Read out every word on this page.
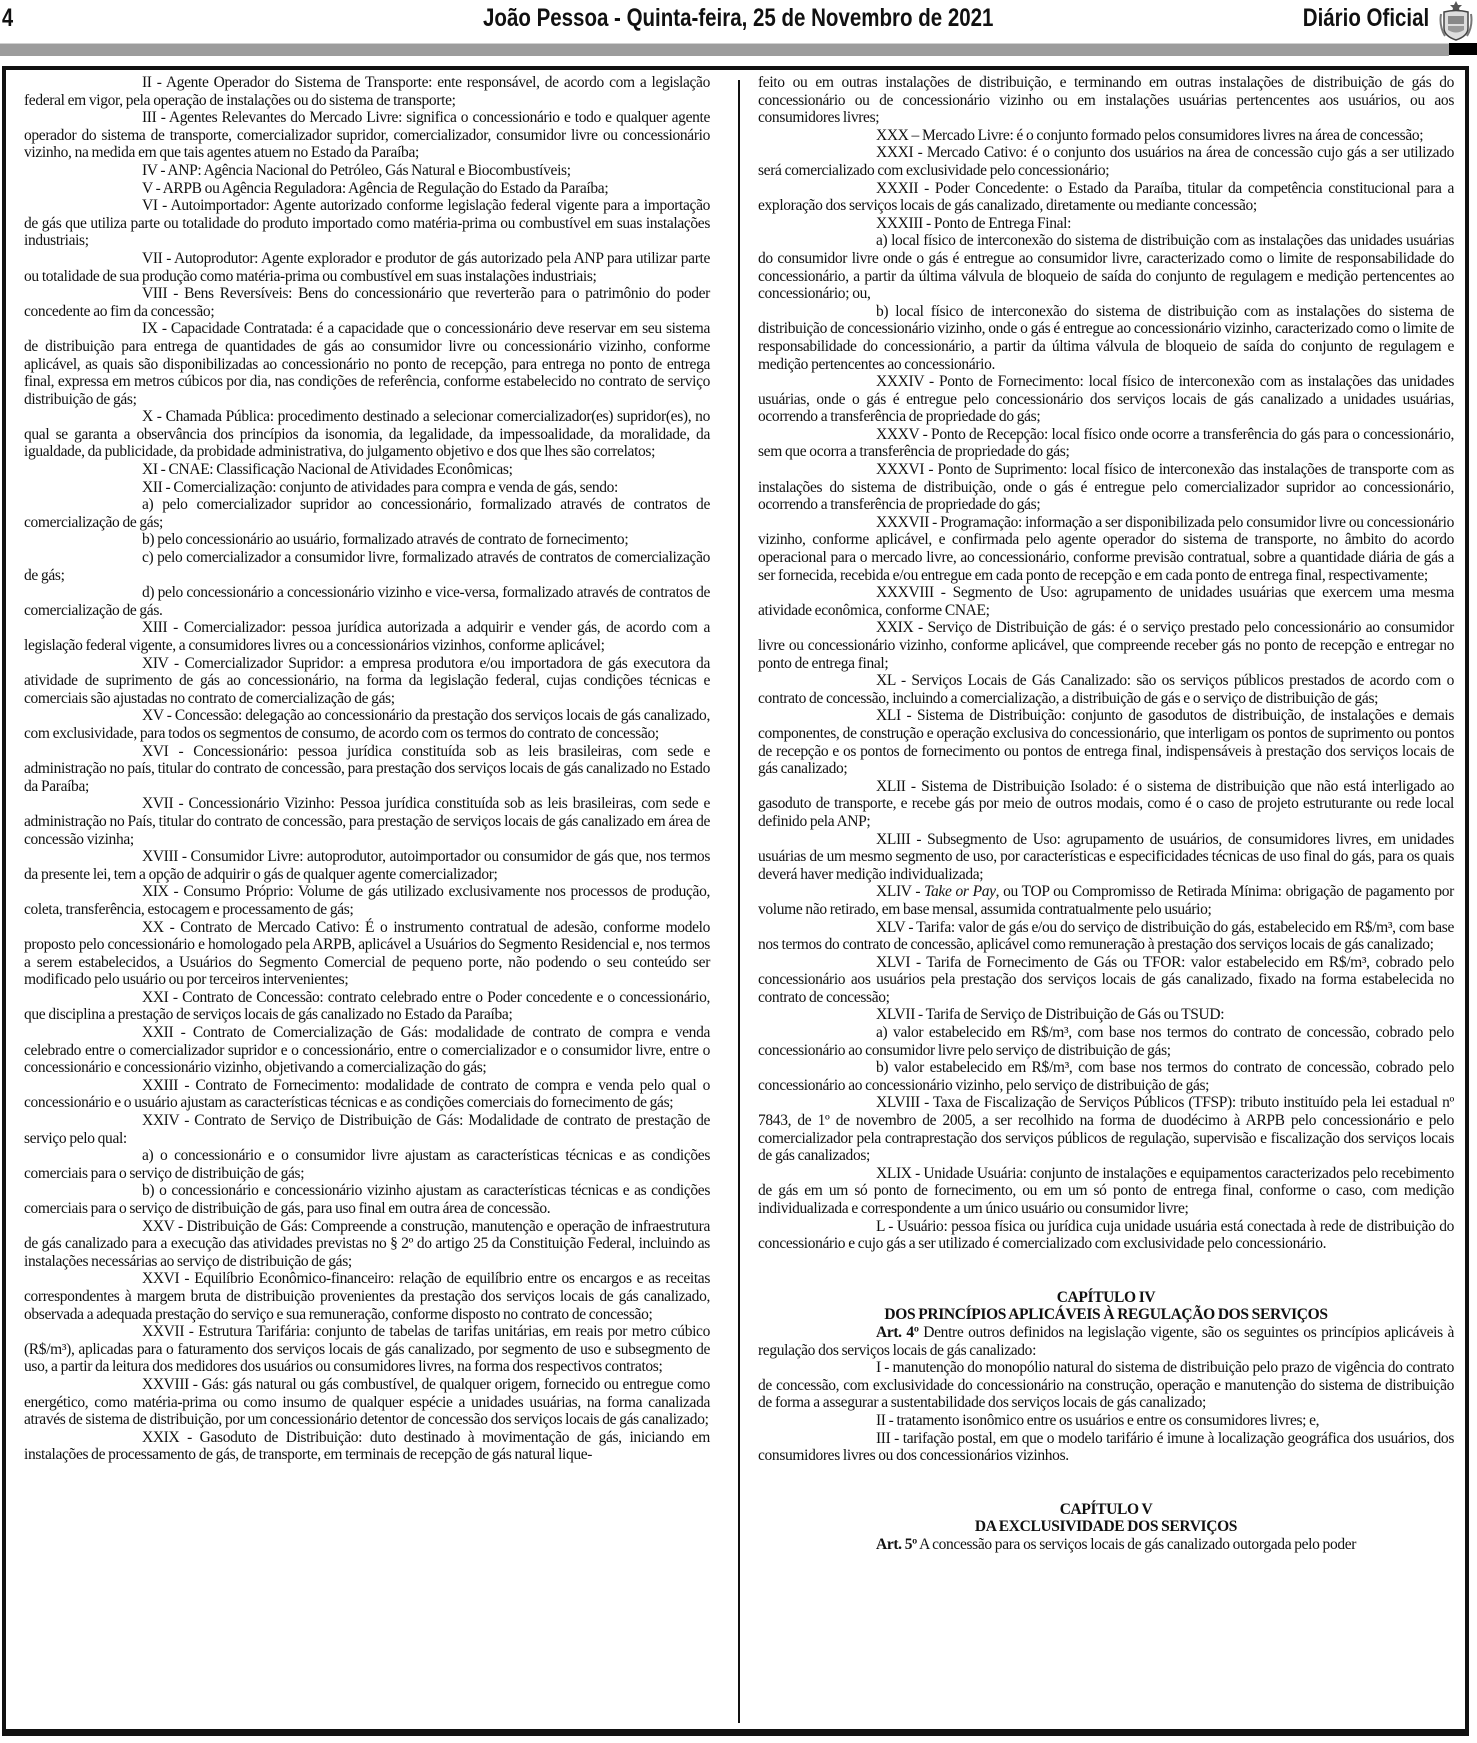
4	João Pessoa - Quinta-feira, 25 de Novembro de 2021	Diário Oficial

II - Agente Operador do Sistema de Transporte: ente responsável, de acordo com a legislação federal em vigor, pela operação de instalações ou do sistema de transporte;

III - Agentes Relevantes do Mercado Livre: significa o concessionário e todo e qualquer agente operador do sistema de transporte, comercializador supridor, comercializador, consumidor livre ou concessionário vizinho, na medida em que tais agentes atuem no Estado da Paraíba;

IV - ANP: Agência Nacional do Petróleo, Gás Natural e Biocombustíveis;

V - ARPB ou Agência Reguladora: Agência de Regulação do Estado da Paraíba;

VI - Autoimportador: Agente autorizado conforme legislação federal vigente para a importação de gás que utiliza parte ou totalidade do produto importado como matéria-prima ou combustível em suas instalações industriais;

VII - Autoprodutor: Agente explorador e produtor de gás autorizado pela ANP para utilizar parte ou totalidade de sua produção como matéria-prima ou combustível em suas instalações industriais;

VIII - Bens Reversíveis: Bens do concessionário que reverterão para o patrimônio do poder concedente ao fim da concessão;

IX - Capacidade Contratada: é a capacidade que o concessionário deve reservar em seu sistema de distribuição para entrega de quantidades de gás ao consumidor livre ou concessionário vizinho, conforme aplicável, as quais são disponibilizadas ao concessionário no ponto de recepção, para entrega no ponto de entrega final, expressa em metros cúbicos por dia, nas condições de referência, conforme estabelecido no contrato de serviço distribuição de gás;

X - Chamada Pública: procedimento destinado a selecionar comercializador(es) supridor(es), no qual se garanta a observância dos princípios da isonomia, da legalidade, da impessoalidade, da moralidade, da igualdade, da publicidade, da probidade administrativa, do julgamento objetivo e dos que lhes são correlatos;

XI - CNAE: Classificação Nacional de Atividades Econômicas;

XII - Comercialização: conjunto de atividades para compra e venda de gás, sendo:

a) pelo comercializador supridor ao concessionário, formalizado através de contratos de comercialização de gás;

b) pelo concessionário ao usuário, formalizado através de contrato de fornecimento;

c) pelo comercializador a consumidor livre, formalizado através de contratos de comercialização de gás;

d) pelo concessionário a concessionário vizinho e vice-versa, formalizado através de contratos de comercialização de gás.

XIII - Comercializador: pessoa jurídica autorizada a adquirir e vender gás, de acordo com a legislação federal vigente, a consumidores livres ou a concessionários vizinhos, conforme aplicável;

XIV - Comercializador Supridor: a empresa produtora e/ou importadora de gás executora da atividade de suprimento de gás ao concessionário, na forma da legislação federal, cujas condições técnicas e comerciais são ajustadas no contrato de comercialização de gás;

XV - Concessão: delegação ao concessionário da prestação dos serviços locais de gás canalizado, com exclusividade, para todos os segmentos de consumo, de acordo com os termos do contrato de concessão;

XVI - Concessionário: pessoa jurídica constituída sob as leis brasileiras, com sede e administração no país, titular do contrato de concessão, para prestação dos serviços locais de gás canalizado no Estado da Paraíba;

XVII - Concessionário Vizinho: Pessoa jurídica constituída sob as leis brasileiras, com sede e administração no País, titular do contrato de concessão, para prestação de serviços locais de gás canalizado em área de concessão vizinha;

XVIII - Consumidor Livre: autoprodutor, autoimportador ou consumidor de gás que, nos termos da presente lei, tem a opção de adquirir o gás de qualquer agente comercializador;

XIX - Consumo Próprio: Volume de gás utilizado exclusivamente nos processos de produção, coleta, transferência, estocagem e processamento de gás;

XX - Contrato de Mercado Cativo: É o instrumento contratual de adesão, conforme modelo proposto pelo concessionário e homologado pela ARPB, aplicável a Usuários do Segmento Residencial e, nos termos a serem estabelecidos, a Usuários do Segmento Comercial de pequeno porte, não podendo o seu conteúdo ser modificado pelo usuário ou por terceiros intervenientes;

XXI - Contrato de Concessão: contrato celebrado entre o Poder concedente e o concessionário, que disciplina a prestação de serviços locais de gás canalizado no Estado da Paraíba;

XXII - Contrato de Comercialização de Gás: modalidade de contrato de compra e venda celebrado entre o comercializador supridor e o concessionário, entre o comercializador e o consumidor livre, entre o concessionário e concessionário vizinho, objetivando a comercialização do gás;

XXIII - Contrato de Fornecimento: modalidade de contrato de compra e venda pelo qual o concessionário e o usuário ajustam as características técnicas e as condições comerciais do fornecimento de gás;

XXIV - Contrato de Serviço de Distribuição de Gás: Modalidade de contrato de prestação de serviço pelo qual:

a) o concessionário e o consumidor livre ajustam as características técnicas e as condições comerciais para o serviço de distribuição de gás;

b) o concessionário e concessionário vizinho ajustam as características técnicas e as condições comerciais para o serviço de distribuição de gás, para uso final em outra área de concessão.

XXV - Distribuição de Gás: Compreende a construção, manutenção e operação de infraestrutura de gás canalizado para a execução das atividades previstas no § 2º do artigo 25 da Constituição Federal, incluindo as instalações necessárias ao serviço de distribuição de gás;

XXVI - Equilíbrio Econômico-financeiro: relação de equilíbrio entre os encargos e as receitas correspondentes à margem bruta de distribuição provenientes da prestação dos serviços locais de gás canalizado, observada a adequada prestação do serviço e sua remuneração, conforme disposto no contrato de concessão;

XXVII - Estrutura Tarifária: conjunto de tabelas de tarifas unitárias, em reais por metro cúbico (R$/m³), aplicadas para o faturamento dos serviços locais de gás canalizado, por segmento de uso e subsegmento de uso, a partir da leitura dos medidores dos usuários ou consumidores livres, na forma dos respectivos contratos;

XXVIII - Gás: gás natural ou gás combustível, de qualquer origem, fornecido ou entregue como energético, como matéria-prima ou como insumo de qualquer espécie a unidades usuárias, na forma canalizada através de sistema de distribuição, por um concessionário detentor de concessão dos serviços locais de gás canalizado;

XXIX - Gasoduto de Distribuição: duto destinado à movimentação de gás, iniciando em instalações de processamento de gás, de transporte, em terminais de recepção de gás natural lique-

feito ou em outras instalações de distribuição, e terminando em outras instalações de distribuição de gás do concessionário ou de concessionário vizinho ou em instalações usuárias pertencentes aos usuários, ou aos consumidores livres;

XXX – Mercado Livre: é o conjunto formado pelos consumidores livres na área de concessão;

XXXI - Mercado Cativo: é o conjunto dos usuários na área de concessão cujo gás a ser utilizado será comercializado com exclusividade pelo concessionário;

XXXII - Poder Concedente: o Estado da Paraíba, titular da competência constitucional para a exploração dos serviços locais de gás canalizado, diretamente ou mediante concessão;

XXXIII - Ponto de Entrega Final:

a) local físico de interconexão do sistema de distribuição com as instalações das unidades usuárias do consumidor livre onde o gás é entregue ao consumidor livre, caracterizado como o limite de responsabilidade do concessionário, a partir da última válvula de bloqueio de saída do conjunto de regulagem e medição pertencentes ao concessionário; ou,

b) local físico de interconexão do sistema de distribuição com as instalações do sistema de distribuição de concessionário vizinho, onde o gás é entregue ao concessionário vizinho, caracterizado como o limite de responsabilidade do concessionário, a partir da última válvula de bloqueio de saída do conjunto de regulagem e medição pertencentes ao concessionário.

XXXIV - Ponto de Fornecimento: local físico de interconexão com as instalações das unidades usuárias, onde o gás é entregue pelo concessionário dos serviços locais de gás canalizado a unidades usuárias, ocorrendo a transferência de propriedade do gás;

XXXV - Ponto de Recepção: local físico onde ocorre a transferência do gás para o concessionário, sem que ocorra a transferência de propriedade do gás;

XXXVI - Ponto de Suprimento: local físico de interconexão das instalações de transporte com as instalações do sistema de distribuição, onde o gás é entregue pelo comercializador supridor ao concessionário, ocorrendo a transferência de propriedade do gás;

XXXVII - Programação: informação a ser disponibilizada pelo consumidor livre ou concessionário vizinho, conforme aplicável, e confirmada pelo agente operador do sistema de transporte, no âmbito do acordo operacional para o mercado livre, ao concessionário, conforme previsão contratual, sobre a quantidade diária de gás a ser fornecida, recebida e/ou entregue em cada ponto de recepção e em cada ponto de entrega final, respectivamente;

XXXVIII - Segmento de Uso: agrupamento de unidades usuárias que exercem uma mesma atividade econômica, conforme CNAE;

XXIX - Serviço de Distribuição de gás: é o serviço prestado pelo concessionário ao consumidor livre ou concessionário vizinho, conforme aplicável, que compreende receber gás no ponto de recepção e entregar no ponto de entrega final;

XL - Serviços Locais de Gás Canalizado: são os serviços públicos prestados de acordo com o contrato de concessão, incluindo a comercialização, a distribuição de gás e o serviço de distribuição de gás;

XLI - Sistema de Distribuição: conjunto de gasodutos de distribuição, de instalações e demais componentes, de construção e operação exclusiva do concessionário, que interligam os pontos de suprimento ou pontos de recepção e os pontos de fornecimento ou pontos de entrega final, indispensáveis à prestação dos serviços locais de gás canalizado;

XLII - Sistema de Distribuição Isolado: é o sistema de distribuição que não está interligado ao gasoduto de transporte, e recebe gás por meio de outros modais, como é o caso de projeto estruturante ou rede local definido pela ANP;

XLIII - Subsegmento de Uso: agrupamento de usuários, de consumidores livres, em unidades usuárias de um mesmo segmento de uso, por características e especificidades técnicas de uso final do gás, para os quais deverá haver medição individualizada;

XLIV - Take or Pay, ou TOP ou Compromisso de Retirada Mínima: obrigação de pagamento por volume não retirado, em base mensal, assumida contratualmente pelo usuário;

XLV - Tarifa: valor de gás e/ou do serviço de distribuição do gás, estabelecido em R$/m³, com base nos termos do contrato de concessão, aplicável como remuneração à prestação dos serviços locais de gás canalizado;

XLVI - Tarifa de Fornecimento de Gás ou TFOR: valor estabelecido em R$/m³, cobrado pelo concessionário aos usuários pela prestação dos serviços locais de gás canalizado, fixado na forma estabelecida no contrato de concessão;

XLVII - Tarifa de Serviço de Distribuição de Gás ou TSUD:

a) valor estabelecido em R$/m³, com base nos termos do contrato de concessão, cobrado pelo concessionário ao consumidor livre pelo serviço de distribuição de gás;

b) valor estabelecido em R$/m³, com base nos termos do contrato de concessão, cobrado pelo concessionário ao concessionário vizinho, pelo serviço de distribuição de gás;

XLVIII - Taxa de Fiscalização de Serviços Públicos (TFSP): tributo instituído pela lei estadual nº 7843, de 1º de novembro de 2005, a ser recolhido na forma de duodécimo à ARPB pelo concessionário e pelo comercializador pela contraprestação dos serviços públicos de regulação, supervisão e fiscalização dos serviços locais de gás canalizados;

XLIX - Unidade Usuária: conjunto de instalações e equipamentos caracterizados pelo recebimento de gás em um só ponto de fornecimento, ou em um só ponto de entrega final, conforme o caso, com medição individualizada e correspondente a um único usuário ou consumidor livre;

L - Usuário: pessoa física ou jurídica cuja unidade usuária está conectada à rede de distribuição do concessionário e cujo gás a ser utilizado é comercializado com exclusividade pelo concessionário.

CAPÍTULO IV

DOS PRINCÍPIOS APLICÁVEIS À REGULAÇÃO DOS SERVIÇOS

Art. 4º Dentre outros definidos na legislação vigente, são os seguintes os princípios aplicáveis à regulação dos serviços locais de gás canalizado:

I - manutenção do monopólio natural do sistema de distribuição pelo prazo de vigência do contrato de concessão, com exclusividade do concessionário na construção, operação e manutenção do sistema de distribuição de forma a assegurar a sustentabilidade dos serviços locais de gás canalizado;

II - tratamento isonômico entre os usuários e entre os consumidores livres; e,

III - tarifação postal, em que o modelo tarifário é imune à localização geográfica dos usuários, dos consumidores livres ou dos concessionários vizinhos.

CAPÍTULO V

DA EXCLUSIVIDADE DOS SERVIÇOS

Art. 5º A concessão para os serviços locais de gás canalizado outorgada pelo poder
